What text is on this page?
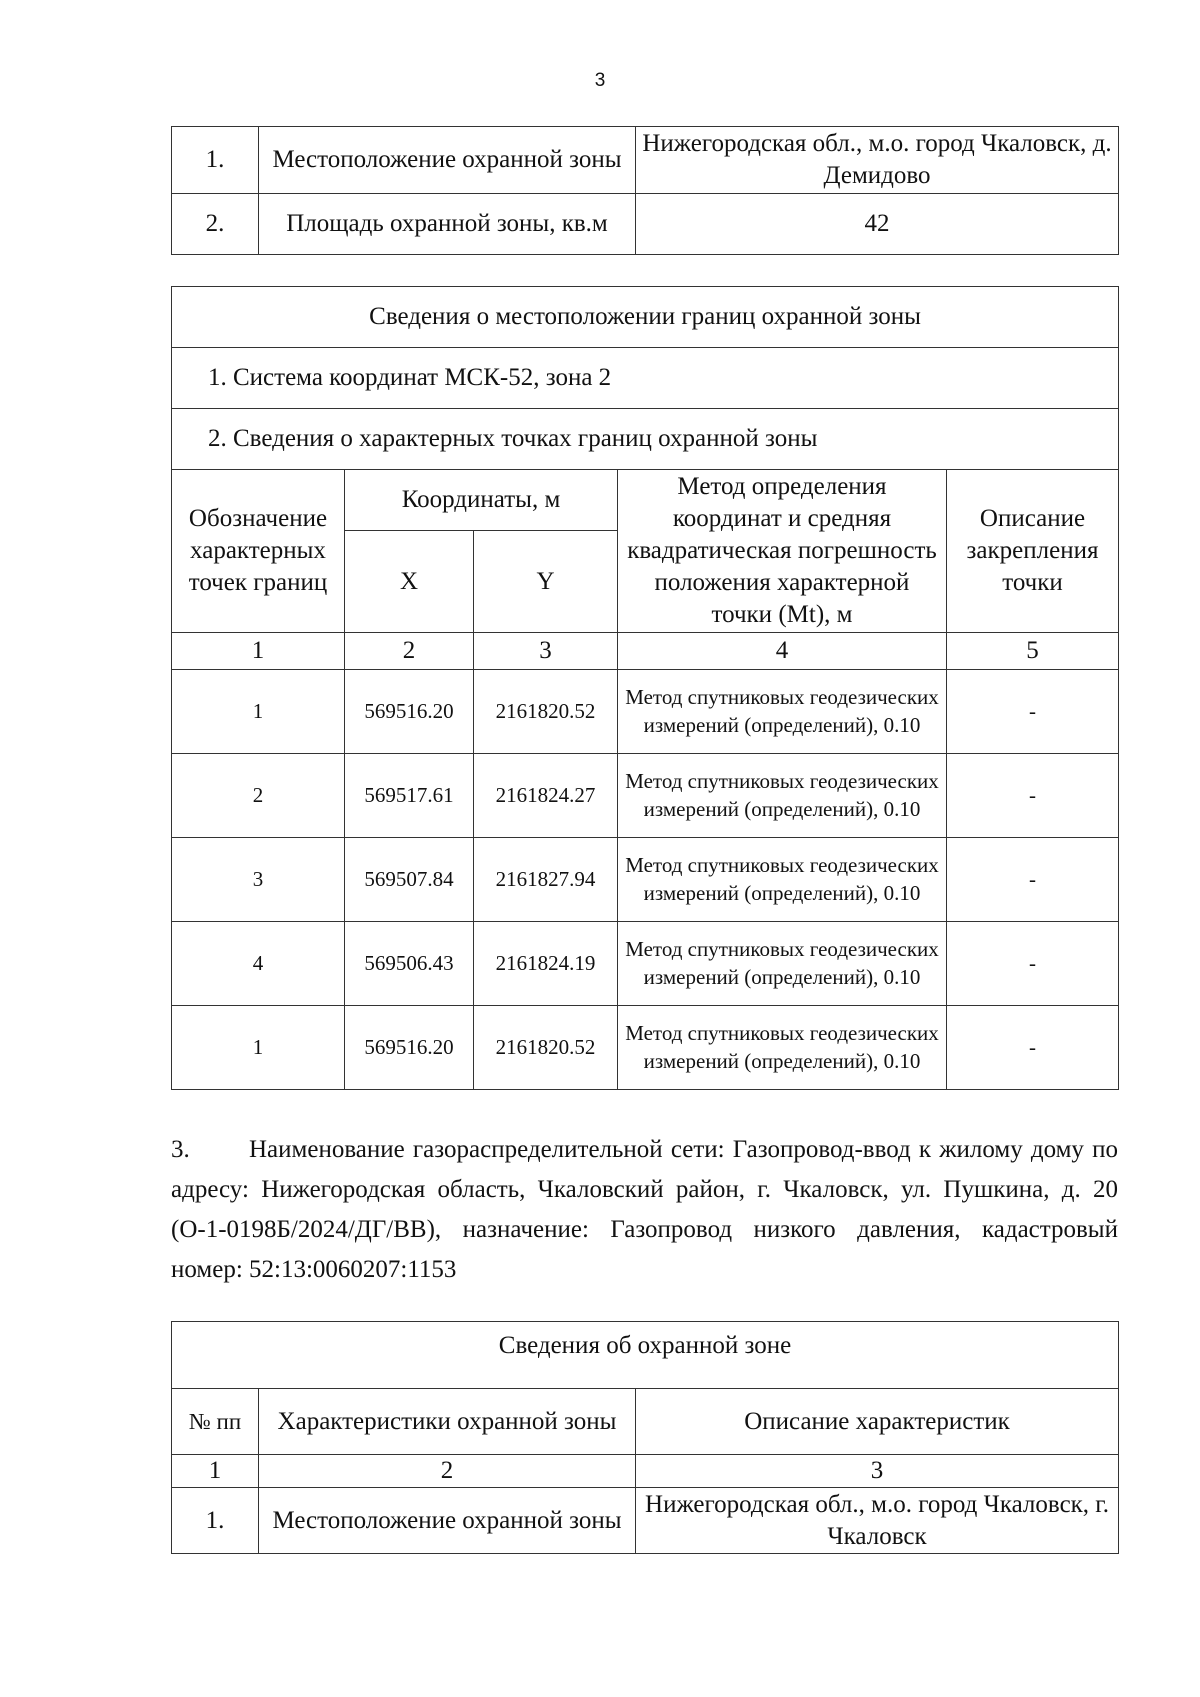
3
1.	Местоположение охранной зоны	Нижегородская обл., м.о. город Чкаловск, д. Демидово
2.	Площадь охранной зоны, кв.м	42
Сведения о местоположении границ охранной зоны				
1. Система координат МСК-52, зона 2				
2. Сведения о характерных точках границ охранной зоны				
Обозначение характерных точек границ	Координаты, м		Метод определения координат и средняя квадратическая погрешность положения характерной точки (Mt), м	Описание закрепления точки
	X	Y		
1	2	3	4	5
1	569516.20	2161820.52	Метод спутниковых геодезических измерений (определений), 0.10	-
2	569517.61	2161824.27	Метод спутниковых геодезических измерений (определений), 0.10	-
3	569507.84	2161827.94	Метод спутниковых геодезических измерений (определений), 0.10	-
4	569506.43	2161824.19	Метод спутниковых геодезических измерений (определений), 0.10	-
1	569516.20	2161820.52	Метод спутниковых геодезических измерений (определений), 0.10	-
3. Наименование газораспределительной сети: Газопровод-ввод к жилому дому по адресу: Нижегородская область, Чкаловский район, г. Чкаловск, ул. Пушкина, д. 20 (О-1-0198Б/2024/ДГ/ВВ), назначение: Газопровод низкого давления, кадастровый номер: 52:13:0060207:1153
Сведения об охранной зоне		
№ пп	Характеристики охранной зоны	Описание характеристик
1	2	3
1.	Местоположение охранной зоны	Нижегородская обл., м.о. город Чкаловск, г. Чкаловск
